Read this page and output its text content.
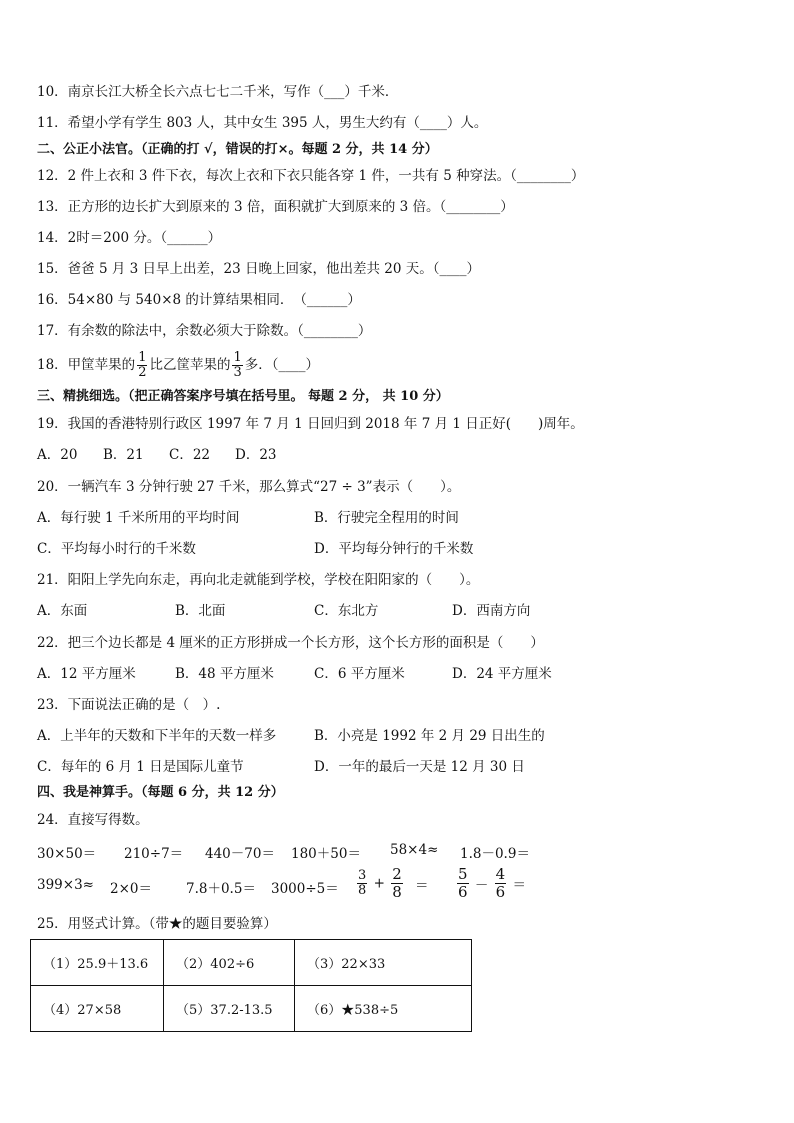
10．南京长江大桥全长六点七七二千米，写作（___）千米．
11．希望小学有学生 803 人，其中女生 395 人，男生大约有（____）人。
二、公正小法官。（正确的打 √，错误的打×。每题 2 分，共 14 分）
12．2 件上衣和 3 件下衣，每次上衣和下衣只能各穿 1 件，一共有 5 种穿法。（________）
13．正方形的边长扩大到原来的 3 倍，面积就扩大到原来的 3 倍。（________）
14．2时＝200 分。（______）
15．爸爸 5 月 3 日早上出差，23 日晚上回家，他出差共 20 天。（____）
16．54×80 与 540×8 的计算结果相同．　（______）
17．有余数的除法中，余数必须大于除数。（________）
18．甲筐苹果的 $\frac{1}{2}$ 比乙筐苹果的 $\frac{1}{3}$ 多．（____）
三、精挑细选。（把正确答案序号填在括号里。 每题 2 分， 共 10 分）
19．我国的香港特别行政区 1997 年 7 月 1 日回归到 2018 年 7 月 1 日正好(　　)周年。
A．20 B．21 C．22 D．23
20．一辆汽车 3 分钟行驶 27 千米，那么算式“27 ÷ 3”表示（　　）。
A．每行驶 1 千米所用的平均时间	B．行驶完全程用的时间
C．平均每小时行的千米数	D．平均每分钟行的千米数
21．阳阳上学先向东走，再向北走就能到学校，学校在阳阳家的（　　）。
A．东面	B．北面	C．东北方	D．西南方向
22．把三个边长都是 4 厘米的正方形拼成一个长方形，这个长方形的面积是（　　）
A．12 平方厘米	B．48 平方厘米	C．6 平方厘米	D．24 平方厘米
23．下面说法正确的是（　）.
A．上半年的天数和下半年的天数一样多	B．小亮是 1992 年 2 月 29 日出生的
C．每年的 6 月 1 日是国际儿童节	D．一年的最后一天是 12 月 30 日
四、我是神算手。（每题 6 分，共 12 分）
24．直接写得数。
30×50＝ 210÷7＝ 440－70＝ 180＋50＝ 58×4≈ 1.8－0.9＝
399×3≈ 2×0＝	$7.8+0.5= 3000\div 5= \frac{3}{8} + \frac{2}{8} = \frac{5}{6} - \frac{4}{6}$ ＝
25．用竖式计算。（带★的题目要验算）
（1）25.9＋13.6	（2）402÷6	（3）22×33
（4）27×58	（5）37.2-13.5	（6）★538÷5
